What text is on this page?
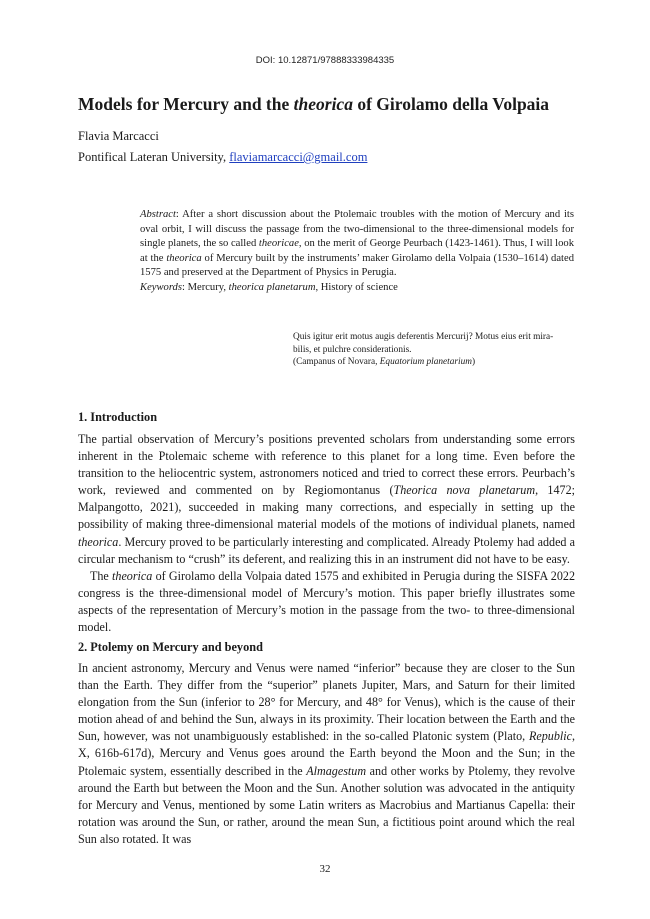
DOI: 10.12871/97888333984335
Models for Mercury and the theorica of Girolamo della Volpaia
Flavia Marcacci
Pontifical Lateran University, flaviamarcacci@gmail.com

Abstract: After a short discussion about the Ptolemaic troubles with the motion of Mercury and its oval orbit, I will discuss the passage from the two-dimensional to the three-dimensional models for single planets, the so called theoricae, on the merit of George Peurbach (1423-1461). Thus, I will look at the theorica of Mercury built by the instruments’ maker Girolamo della Volpaia (1530–1614) dated 1575 and preserved at the Department of Physics in Perugia.

Keywords: Mercury, theorica planetarum, History of science

Quis igitur erit motus augis deferentis Mercurij? Motus eius erit mira-
bilis, et pulchre considerationis.
(Campanus of Novara, Equatorium planetarium)
1. Introduction

The partial observation of Mercury’s positions prevented scholars from understanding some errors inherent in the Ptolemaic scheme with reference to this planet for a long time. Even before the transition to the heliocentric system, astronomers noticed and tried to correct these errors. Peurbach’s work, reviewed and commented on by Regiomontanus (Theorica nova planetarum, 1472; Malpangotto, 2021), succeeded in making many corrections, and especially in setting up the possibility of making three-dimensional material models of the motions of individual planets, named theorica. Mercury proved to be particularly interesting and complicated. Already Ptolemy had added a circular mechanism to “crush” its deferent, and realizing this in an instrument did not have to be easy.

The theorica of Girolamo della Volpaia dated 1575 and exhibited in Perugia during the SISFA 2022 congress is the three-dimensional model of Mercury’s motion. This paper briefly illustrates some aspects of the representation of Mercury’s motion in the passage from the two- to three-dimensional model.

2. Ptolemy on Mercury and beyond

In ancient astronomy, Mercury and Venus were named “inferior” because they are closer to the Sun than the Earth. They differ from the “superior” planets Jupiter, Mars, and Saturn for their limited elongation from the Sun (inferior to 28° for Mercury, and 48° for Venus), which is the cause of their motion ahead of and behind the Sun, always in its proximity. Their location between the Earth and the Sun, however, was not unambiguously established: in the so-called Platonic system (Plato, Republic, X, 616b-617d), Mercury and Venus goes around the Earth beyond the Moon and the Sun; in the Ptolemaic system, essentially described in the Almagestum and other works by Ptolemy, they revolve around the Earth but between the Moon and the Sun. Another solution was advocated in the antiquity for Mercury and Venus, mentioned by some Latin writers as Macrobius and Martianus Capella: their rotation was around the Sun, or rather, around the mean Sun, a fictitious point around which the real Sun also rotated. It was

32
